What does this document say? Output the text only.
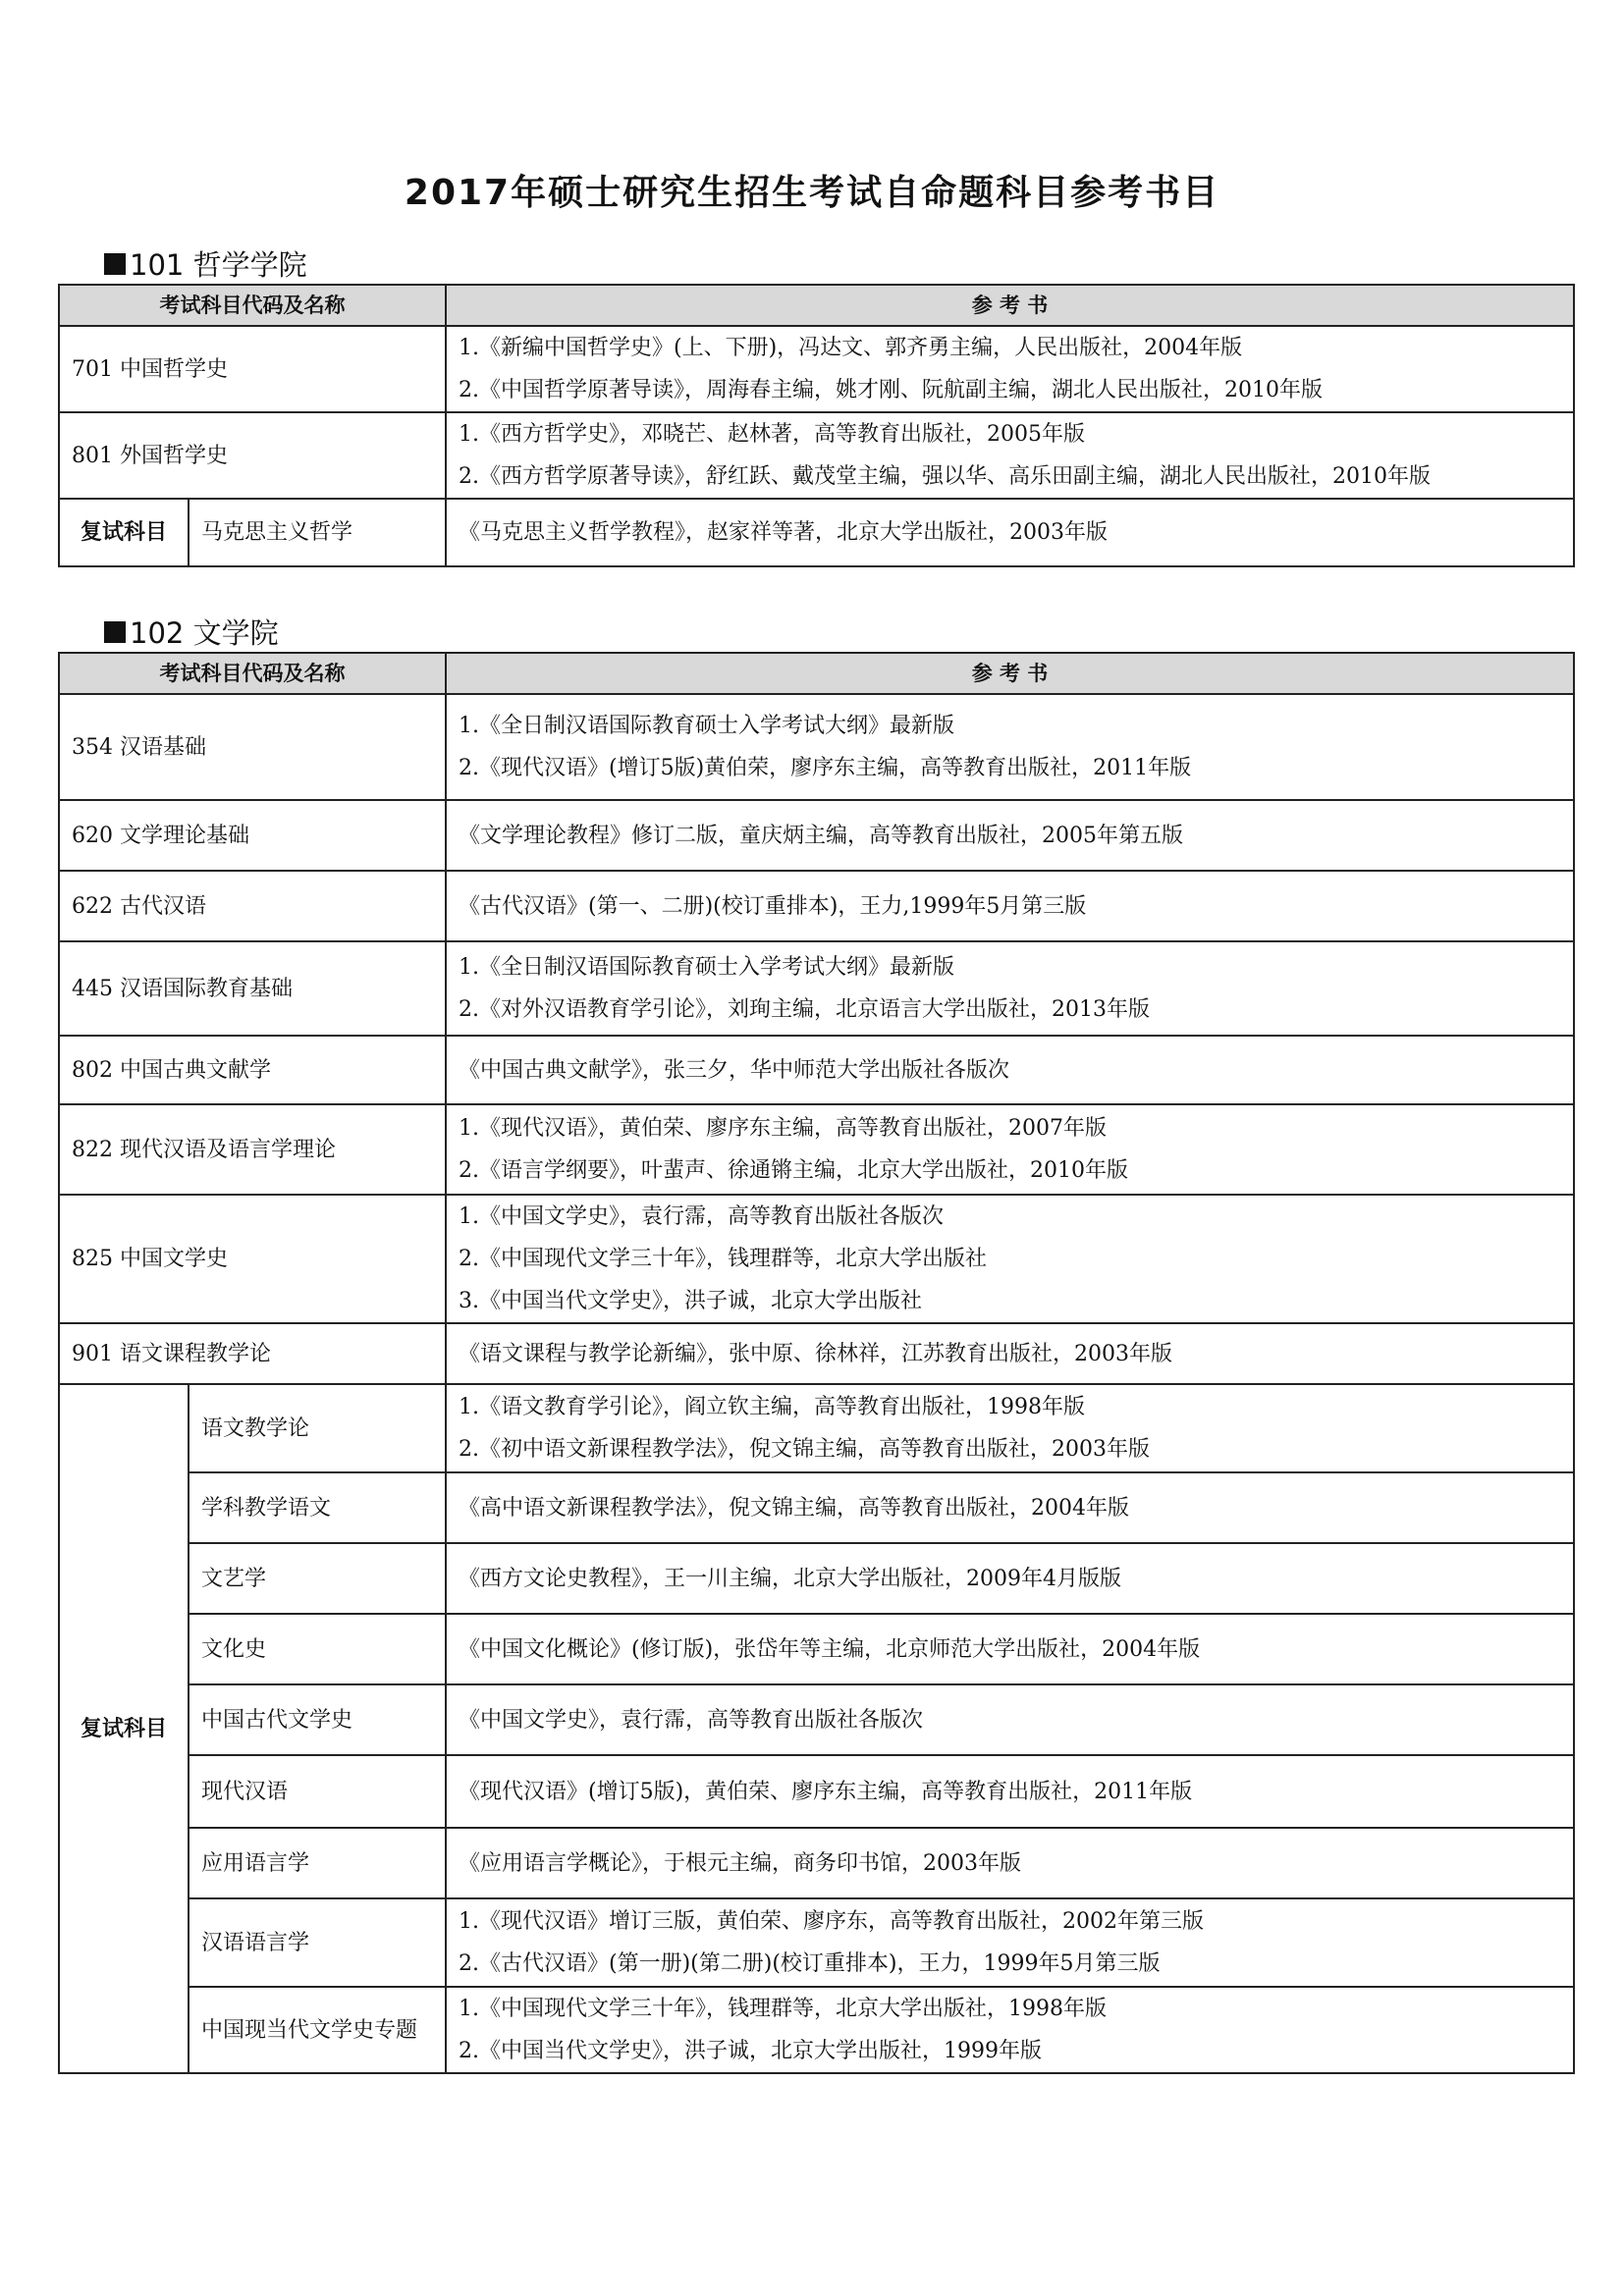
2017年硕士研究生招生考试自命题科目参考书目
101 哲学学院
考试科目代码及名称		参 考 书
701 中国哲学史		1.《新编中国哲学史》(上、下册)，冯达文、郭齐勇主编，人民出版社，2004年版
2.《中国哲学原著导读》，周海春主编，姚才刚、阮航副主编，湖北人民出版社，2010年版

801 外国哲学史		1.《西方哲学史》，邓晓芒、赵林著，高等教育出版社，2005年版
2.《西方哲学原著导读》，舒红跃、戴茂堂主编，强以华、高乐田副主编，湖北人民出版社，2010年版

复试科目	马克思主义哲学	《马克思主义哲学教程》，赵家祥等著，北京大学出版社，2003年版
102 文学院
考试科目代码及名称		参 考 书
354 汉语基础		1.《全日制汉语国际教育硕士入学考试大纲》最新版
2.《现代汉语》(增订5版)黄伯荣，廖序东主编，高等教育出版社，2011年版

620 文学理论基础		《文学理论教程》修订二版，童庆炳主编，高等教育出版社，2005年第五版

622 古代汉语		《古代汉语》(第一、二册)(校订重排本)，王力,1999年5月第三版

445 汉语国际教育基础		1.《全日制汉语国际教育硕士入学考试大纲》最新版
2.《对外汉语教育学引论》，刘珣主编，北京语言大学出版社，2013年版

802 中国古典文献学		《中国古典文献学》，张三夕，华中师范大学出版社各版次

822 现代汉语及语言学理论		1.《现代汉语》，黄伯荣、廖序东主编，高等教育出版社，2007年版
2.《语言学纲要》，叶蜚声、徐通锵主编，北京大学出版社，2010年版

825 中国文学史		1.《中国文学史》，袁行霈，高等教育出版社各版次
2.《中国现代文学三十年》，钱理群等，北京大学出版社
3.《中国当代文学史》，洪子诚，北京大学出版社

901 语文课程教学论		《语文课程与教学论新编》，张中原、徐林祥，江苏教育出版社，2003年版

复试科目	语文教学论	1.《语文教育学引论》，阎立钦主编，高等教育出版社，1998年版
2.《初中语文新课程教学法》，倪文锦主编，高等教育出版社，2003年版

	学科教学语文	《高中语文新课程教学法》，倪文锦主编，高等教育出版社，2004年版

	文艺学	《西方文论史教程》，王一川主编，北京大学出版社，2009年4月版版

	文化史	《中国文化概论》(修订版)，张岱年等主编，北京师范大学出版社，2004年版

	中国古代文学史	《中国文学史》，袁行霈，高等教育出版社各版次

	现代汉语	《现代汉语》(增订5版)，黄伯荣、廖序东主编，高等教育出版社，2011年版

	应用语言学	《应用语言学概论》，于根元主编，商务印书馆，2003年版

	汉语语言学	1.《现代汉语》增订三版，黄伯荣、廖序东，高等教育出版社，2002年第三版
2.《古代汉语》(第一册)(第二册)(校订重排本)，王力，1999年5月第三版

	中国现当代文学史专题	1.《中国现代文学三十年》，钱理群等，北京大学出版社，1998年版
2.《中国当代文学史》，洪子诚，北京大学出版社，1999年版
